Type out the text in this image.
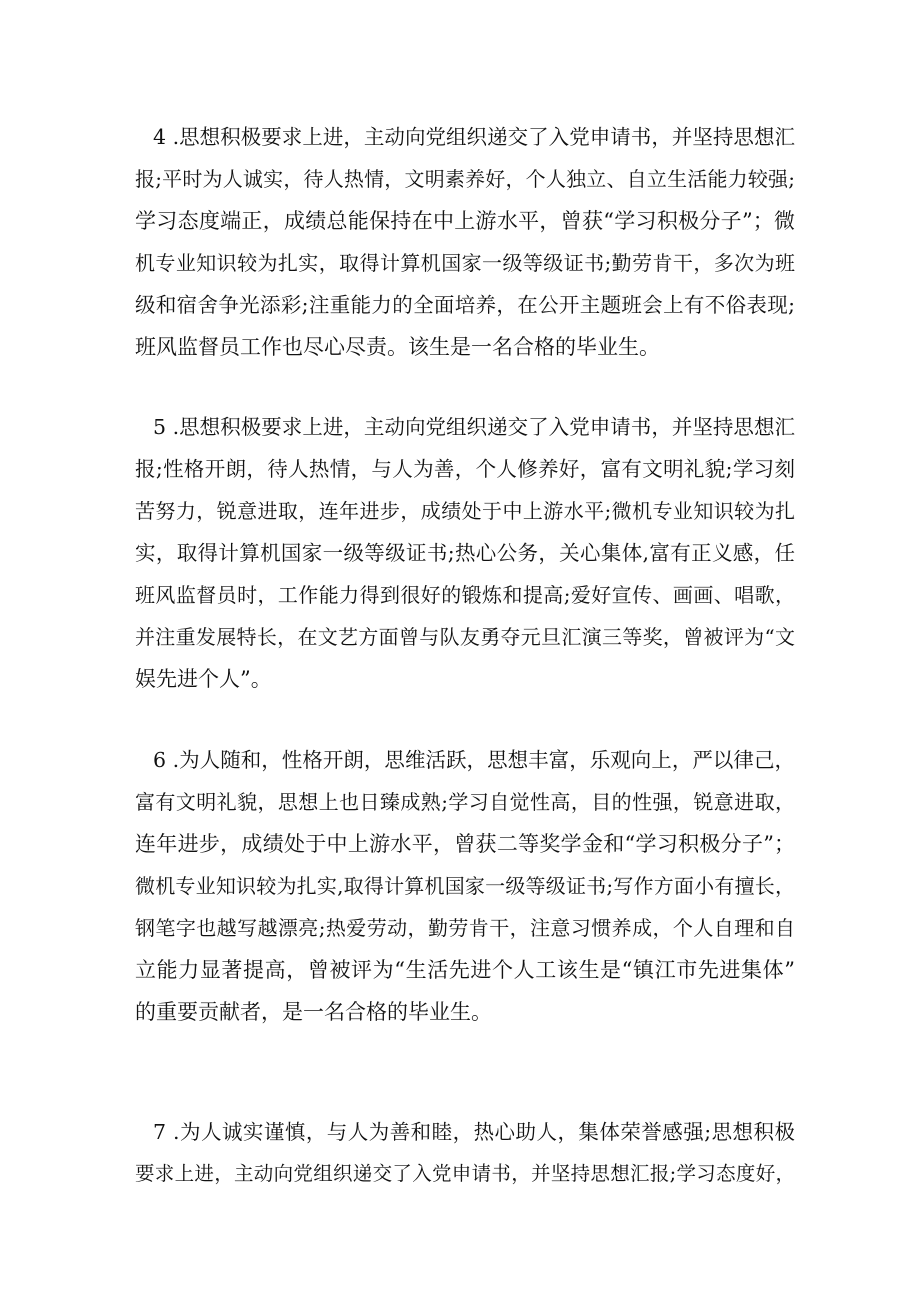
4 .思想积极要求上进，主动向党组织递交了入党申请书，并坚持思想汇
报;平时为人诚实，待人热情，文明素养好，个人独立、自立生活能力较强;
学习态度端正，成绩总能保持在中上游水平，曾获“学习积极分子”；微
机专业知识较为扎实，取得计算机国家一级等级证书;勤劳肯干，多次为班
级和宿舍争光添彩;注重能力的全面培养，在公开主题班会上有不俗表现;
班风监督员工作也尽心尽责。该生是一名合格的毕业生。
5 .思想积极要求上进，主动向党组织递交了入党申请书，并坚持思想汇
报;性格开朗，待人热情，与人为善，个人修养好，富有文明礼貌;学习刻
苦努力，锐意进取，连年进步，成绩处于中上游水平;微机专业知识较为扎
实，取得计算机国家一级等级证书;热心公务，关心集体,富有正义感，任
班风监督员时，工作能力得到很好的锻炼和提高;爱好宣传、画画、唱歌，
并注重发展特长，在文艺方面曾与队友勇夺元旦汇演三等奖，曾被评为“文
娱先进个人”。
6 .为人随和，性格开朗，思维活跃，思想丰富，乐观向上，严以律己，
富有文明礼貌，思想上也日臻成熟;学习自觉性高，目的性强，锐意进取，
连年进步，成绩处于中上游水平，曾获二等奖学金和“学习积极分子”；
微机专业知识较为扎实,取得计算机国家一级等级证书;写作方面小有擅长，
钢笔字也越写越漂亮;热爱劳动，勤劳肯干，注意习惯养成，个人自理和自
立能力显著提高，曾被评为“生活先进个人工该生是“镇江市先进集体”
的重要贡献者，是一名合格的毕业生。
7 .为人诚实谨慎，与人为善和睦，热心助人，集体荣誉感强;思想积极
要求上进，主动向党组织递交了入党申请书，并坚持思想汇报;学习态度好，
